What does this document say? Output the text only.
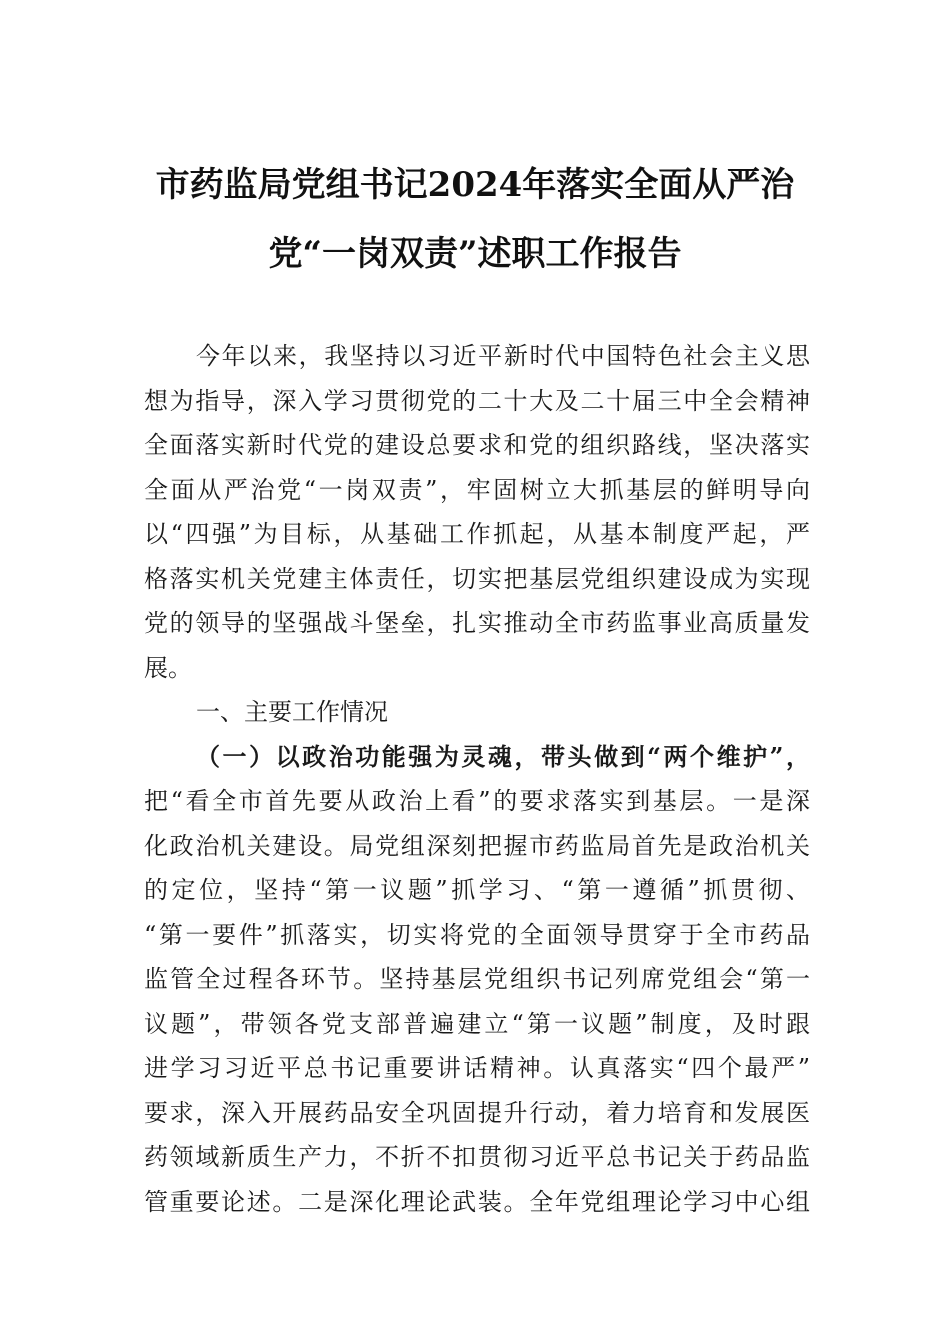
市药监局党组书记2024年落实全面从严治
党“一岗双责”述职工作报告
今年以来，我坚持以习近平新时代中国特色社会主义思
想为指导，深入学习贯彻党的二十大及二十届三中全会精神
全面落实新时代党的建设总要求和党的组织路线，坚决落实
全面从严治党“一岗双责”，牢固树立大抓基层的鲜明导向
以“四强”为目标，从基础工作抓起，从基本制度严起，严
格落实机关党建主体责任，切实把基层党组织建设成为实现
党的领导的坚强战斗堡垒，扎实推动全市药监事业高质量发
展。
一、主要工作情况
（一）以政治功能强为灵魂，带头做到“两个维护”，
把“看全市首先要从政治上看”的要求落实到基层。一是深
化政治机关建设。局党组深刻把握市药监局首先是政治机关
的定位，坚持“第一议题”抓学习、“第一遵循”抓贯彻、
“第一要件”抓落实，切实将党的全面领导贯穿于全市药品
监管全过程各环节。坚持基层党组织书记列席党组会“第一
议题”，带领各党支部普遍建立“第一议题”制度，及时跟
进学习习近平总书记重要讲话精神。认真落实“四个最严”
要求，深入开展药品安全巩固提升行动，着力培育和发展医
药领域新质生产力，不折不扣贯彻习近平总书记关于药品监
管重要论述。二是深化理论武装。全年党组理论学习中心组
